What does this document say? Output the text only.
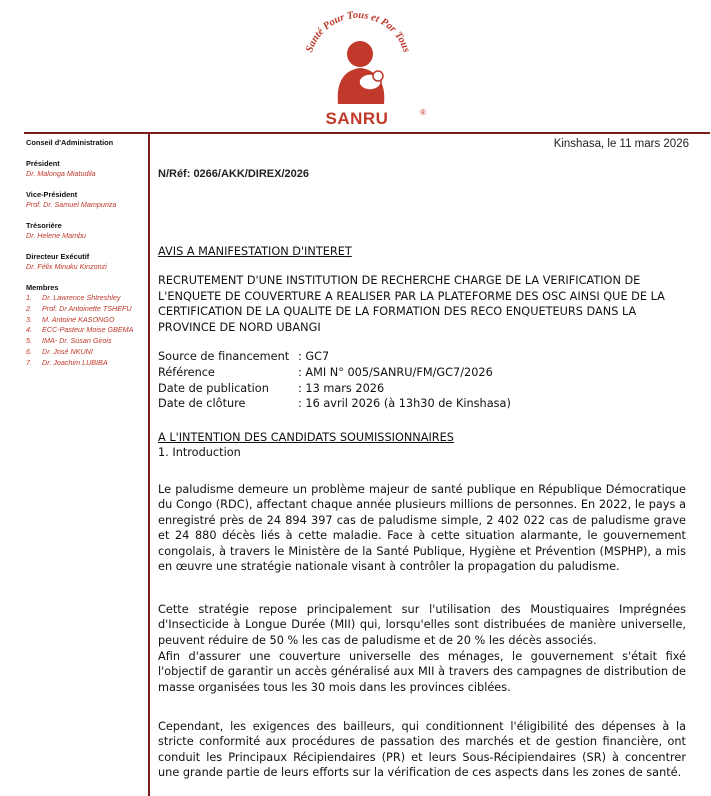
Santé Pour Tous et Par Tous
SANRU	®
Conseil d'Administration
Président
Dr. Malonga Miatudila
Vice-Président
Prof. Dr. Samuel Mampunza
Trésorière
Dr. Helene Mambu
Directeur Exécutif
Dr. Félix Minuku Kinzonzi
Membres
1. Dr. Lawrence Shtreshley
2. Prof. Dr Antoinette TSHEFU
3. M. Antoine KASONGO
4. ECC-Pasteur Moise GBEMA
5. IMA- Dr. Susan Girois
6. Dr. José NKUNI
7. Dr. Joachim LUBIBA
Kinshasa, le 11 mars 2026
N/Réf: 0266/AKK/DIREX/2026
AVIS A MANIFESTATION D'INTERET
RECRUTEMENT D'UNE INSTITUTION DE RECHERCHE CHARGE DE LA VERIFICATION DE L'ENQUETE DE COUVERTURE A REALISER PAR LA PLATEFORME DES OSC AINSI QUE DE LA CERTIFICATION DE LA QUALITE DE LA FORMATION DES RECO ENQUETEURS DANS LA PROVINCE DE NORD UBANGI
Source de financement : GC7
Référence	: AMI N° 005/SANRU/FM/GC7/2026
Date de publication	: 13 mars 2026
Date de clôture	: 16 avril 2026 (à 13h30 de Kinshasa)
A L'INTENTION DES CANDIDATS SOUMISSIONNAIRES
1. Introduction
Le paludisme demeure un problème majeur de santé publique en République Démocratique du Congo (RDC), affectant chaque année plusieurs millions de personnes. En 2022, le pays a enregistré près de 24 894 397 cas de paludisme simple, 2 402 022 cas de paludisme grave et 24 880 décès liés à cette maladie. Face à cette situation alarmante, le gouvernement congolais, à travers le Ministère de la Santé Publique, Hygiène et Prévention (MSPHP), a mis en œuvre une stratégie nationale visant à contrôler la propagation du paludisme.
Cette stratégie repose principalement sur l'utilisation des Moustiquaires Imprégnées d'Insecticide à Longue Durée (MII) qui, lorsqu'elles sont distribuées de manière universelle, peuvent réduire de 50 % les cas de paludisme et de 20 % les décès associés.
Afin d'assurer une couverture universelle des ménages, le gouvernement s'était fixé l'objectif de garantir un accès généralisé aux MII à travers des campagnes de distribution de masse organisées tous les 30 mois dans les provinces ciblées.
Cependant, les exigences des bailleurs, qui conditionnent l'éligibilité des dépenses à la stricte conformité aux procédures de passation des marchés et de gestion financière, ont conduit les Principaux Récipiendaires (PR) et leurs Sous-Récipiendaires (SR) à concentrer une grande partie de leurs efforts sur la vérification de ces aspects dans les zones de santé.
